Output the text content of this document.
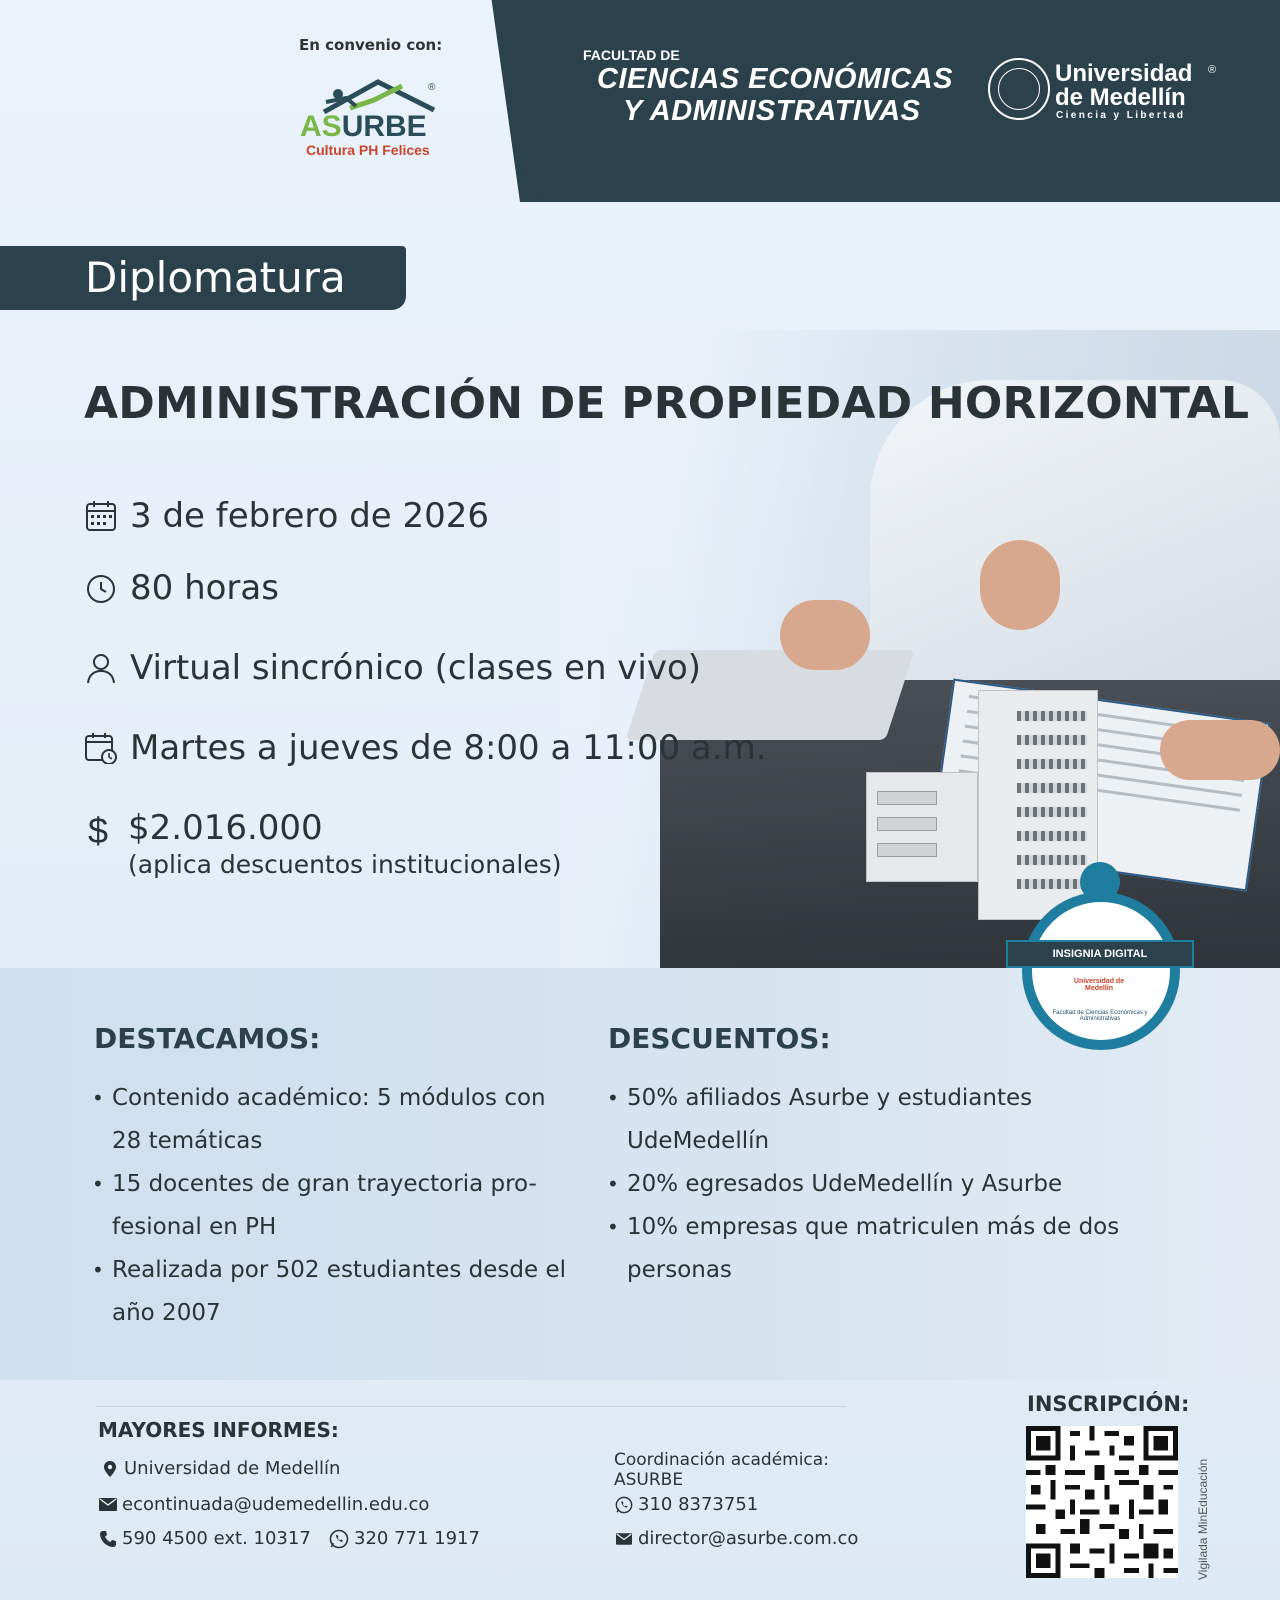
En convenio con:
ASURBE
®
Cultura PH Felices
FACULTAD DE
CIENCIAS ECONÓMICAS
Y ADMINISTRATIVAS
Universidad
de Medellín
®
Ciencia y Libertad
Diplomatura
ADMINISTRACIÓN DE PROPIEDAD HORIZONTAL
3 de febrero de 2026
80 horas
Virtual sincrónico (clases en vivo)
Martes a jueves de 8:00 a 11:00 a.m.
$ $2.016.000
(aplica descuentos institucionales)
INSIGNIA DIGITAL
Universidad de Medellín
Facultad de Ciencias Económicas y Administrativas
DESTACAMOS:
• Contenido académico: 5 módulos con 28 temáticas
• 15 docentes de gran trayectoria pro-fesional en PH
• Realizada por 502 estudiantes desde el año 2007
DESCUENTOS:
• 50% afiliados Asurbe y estudiantes UdeMedellín
• 20% egresados UdeMedellín y Asurbe
• 10% empresas que matriculen más de dos personas
MAYORES INFORMES:
Universidad de Medellín
econtinuada@udemedellin.edu.co
590 4500 ext. 10317 320 771 1917
Coordinación académica:
ASURBE
310 8373751
director@asurbe.com.co
INSCRIPCIÓN:
Vigilada MinEducación
